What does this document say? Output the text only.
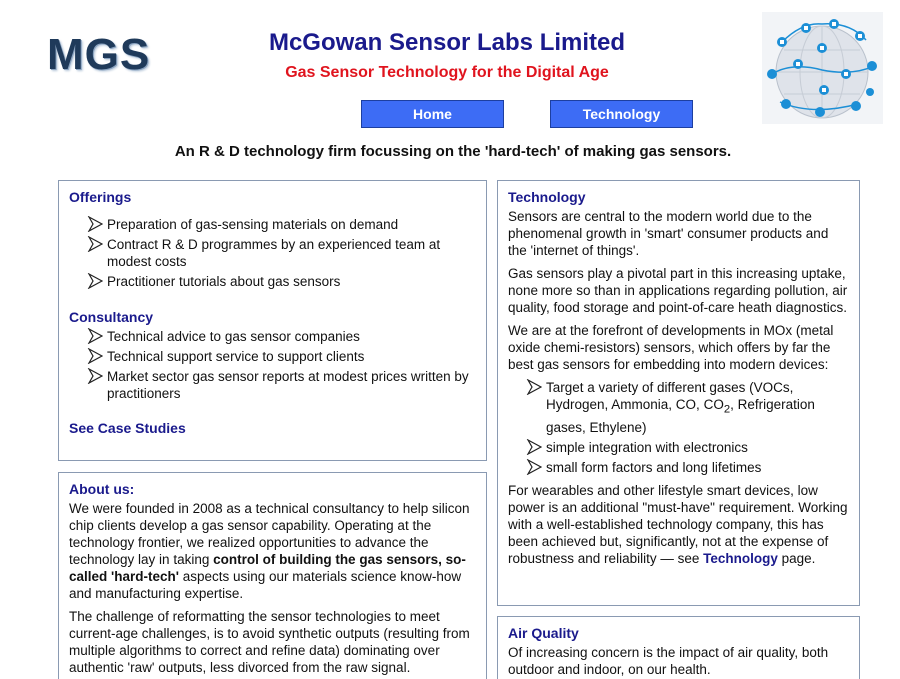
MGS	McGowan Sensor Labs Limited
Gas Sensor Technology for the Digital Age
Home	Technology
An R & D technology firm focussing on the 'hard-tech' of making gas sensors.
Offerings
Preparation of gas-sensing materials on demand
Contract R & D programmes by an experienced team at modest costs
Practitioner tutorials about gas sensors
Consultancy
Technical advice to gas sensor companies
Technical support service to support clients
Market sector gas sensor reports at modest prices written by practitioners
See Case Studies
About us:

We were founded in 2008 as a technical consultancy to help silicon chip clients develop a gas sensor capability. Operating at the technology frontier, we realized opportunities to advance the technology lay in taking control of building the gas sensors, so-called 'hard-tech' aspects using our materials science know-how and manufacturing expertise.

The challenge of reformatting the sensor technologies to meet current-age challenges, is to avoid synthetic outputs (resulting from multiple algorithms to correct and refine data) dominating over authentic 'raw' outputs, less divorced from the raw signal.

Technology

Sensors are central to the modern world due to the phenomenal growth in 'smart' consumer products and the 'internet of things'.

Gas sensors play a pivotal part in this increasing uptake, none more so than in applications regarding pollution, air quality, food storage and point-of-care heath diagnostics.

We are at the forefront of developments in MOx (metal oxide chemi-resistors) sensors, which offers by far the best gas sensors for embedding into modern devices:

Target a variety of different gases (VOCs, Hydrogen, Ammonia, CO, $CO_2$, Refrigeration gases, Ethylene)
simple integration with electronics
small form factors and long lifetimes

For wearables and other lifestyle smart devices, low power is an additional "must-have" requirement. Working with a well-established technology company, this has been achieved but, significantly, not at the expense of robustness and reliability — see Technology page.

Air Quality

Of increasing concern is the impact of air quality, both outdoor and indoor, on our health.
